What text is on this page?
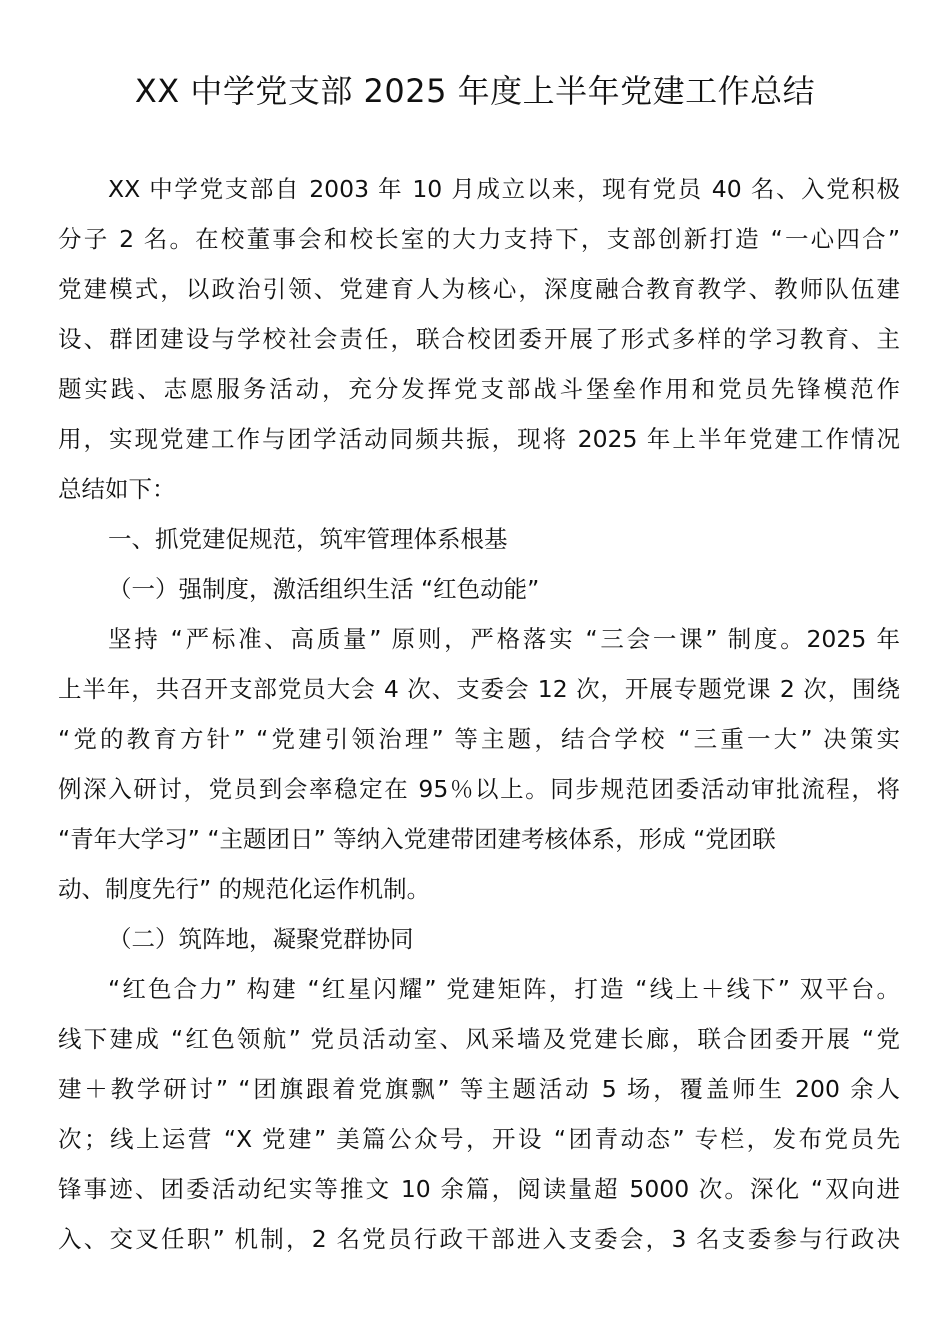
XX 中学党支部 2025 年度上半年党建工作总结
XX 中学党支部自 2003 年 10 月成立以来，现有党员 40 名、入党积极
分子 2 名。在校董事会和校长室的大力支持下，支部创新打造 “一心四合”
党建模式，以政治引领、党建育人为核心，深度融合教育教学、教师队伍建
设、群团建设与学校社会责任，联合校团委开展了形式多样的学习教育、主
题实践、志愿服务活动，充分发挥党支部战斗堡垒作用和党员先锋模范作
用，实现党建工作与团学活动同频共振，现将 2025 年上半年党建工作情况
总结如下：
一、抓党建促规范，筑牢管理体系根基
（一）强制度，激活组织生活 “红色动能”
坚持 “严标准、高质量” 原则，严格落实 “三会一课” 制度。2025 年
上半年，共召开支部党员大会 4 次、支委会 12 次，开展专题党课 2 次，围绕
“党的教育方针” “党建引领治理” 等主题，结合学校 “三重一大” 决策实
例深入研讨，党员到会率稳定在 95％以上。同步规范团委活动审批流程，将
“青年大学习” “主题团日” 等纳入党建带团建考核体系，形成 “党团联
动、制度先行” 的规范化运作机制。
（二）筑阵地，凝聚党群协同
“红色合力” 构建 “红星闪耀” 党建矩阵，打造 “线上＋线下” 双平台。
线下建成 “红色领航” 党员活动室、风采墙及党建长廊，联合团委开展 “党
建＋教学研讨” “团旗跟着党旗飘” 等主题活动 5 场，覆盖师生 200 余人
次；线上运营 “X 党建” 美篇公众号，开设 “团青动态” 专栏，发布党员先
锋事迹、团委活动纪实等推文 10 余篇，阅读量超 5000 次。深化 “双向进
入、交叉任职” 机制，2 名党员行政干部进入支委会，3 名支委参与行政决
